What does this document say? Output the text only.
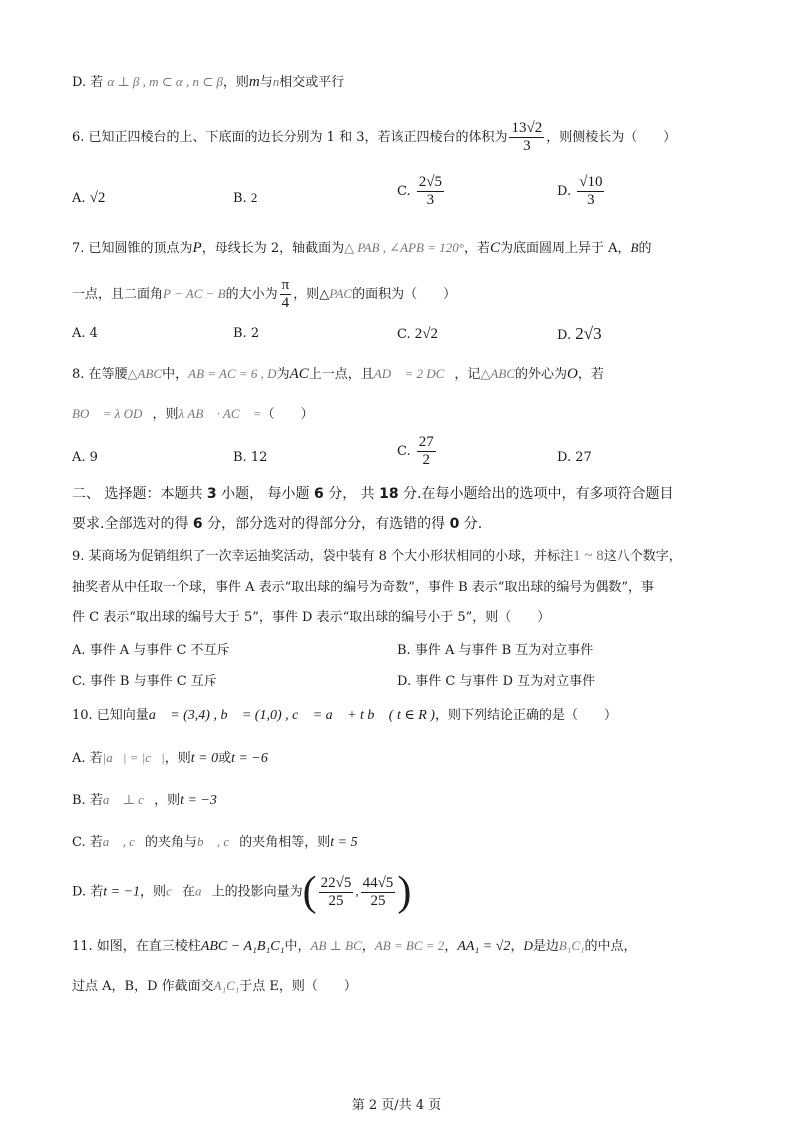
D. 若 α ⊥ β , m ⊂ α , n ⊂ β，则m与n相交或平行
6. 已知正四棱台的上、下底面的边长分别为 1 和 3，若该正四棱台的体积为 $\frac{13√2}{3}$ ，则侧棱长为（　　）
A. √2	B. 2	C. $\frac{2√5}{3}$	D. $\frac{√10}{3}$
7. 已知圆锥的顶点为P，母线长为 2，轴截面为△ PAB , ∠APB = 120°，若C为底面圆周上异于 A，B的
一点，且二面角P − AC − B的大小为 $\frac{\pi}{4}$ ，则△PAC的面积为（　　）
A. 4	B. 2	C. 2√2	D. 2√3
8. 在等腰△ABC中，AB = AC = 6 , D为AC上一点，且AD⃗ = 2 DC⃗，记△ABC的外心为O，若
BO⃗ = λ OD⃗，则λ AB⃗ · AC⃗ =（　　）
A. 9	B. 12	C. $\frac{27}{2}$	D. 27
二、 选择题：本题共 3 小题， 每小题 6 分， 共 18 分.在每小题给出的选项中，有多项符合题目
要求.全部选对的得 6 分，部分选对的得部分分，有选错的得 0 分.
9. 某商场为促销组织了一次幸运抽奖活动，袋中装有 8 个大小形状相同的小球，并标注1 ~ 8这八个数字，
抽奖者从中任取一个球，事件 A 表示“取出球的编号为奇数”，事件 B 表示“取出球的编号为偶数”，事
件 C 表示“取出球的编号大于 5”，事件 D 表示“取出球的编号小于 5”，则（　　）
A. 事件 A 与事件 C 不互斥	B. 事件 A 与事件 B 互为对立事件
C. 事件 B 与事件 C 互斥	D. 事件 C 与事件 D 互为对立事件
10. 已知向量a⃗ = (3,4) , b⃗ = (1,0) , c⃗ = a⃗ + t b⃗ ( t ∈ R )，则下列结论正确的是（　　）
A. 若|a⃗| = |c⃗|，则t = 0或t = −6
B. 若a⃗ ⊥ c⃗，则t = −3
C. 若a⃗ , c⃗的夹角与b⃗ , c⃗的夹角相等，则t = 5
D. 若t = −1，则c⃗在a⃗上的投影向量为( $\frac{22√5}{25}$ , $\frac{44√5}{25}$ )
11. 如图，在直三棱柱ABC − A₁B₁C₁中，AB ⊥ BC，AB = BC = 2，AA₁ = √2，D是边B₁C₁的中点，
过点 A，B，D 作截面交A₁C₁于点 E，则（　　）
第 2 页/共 4 页
